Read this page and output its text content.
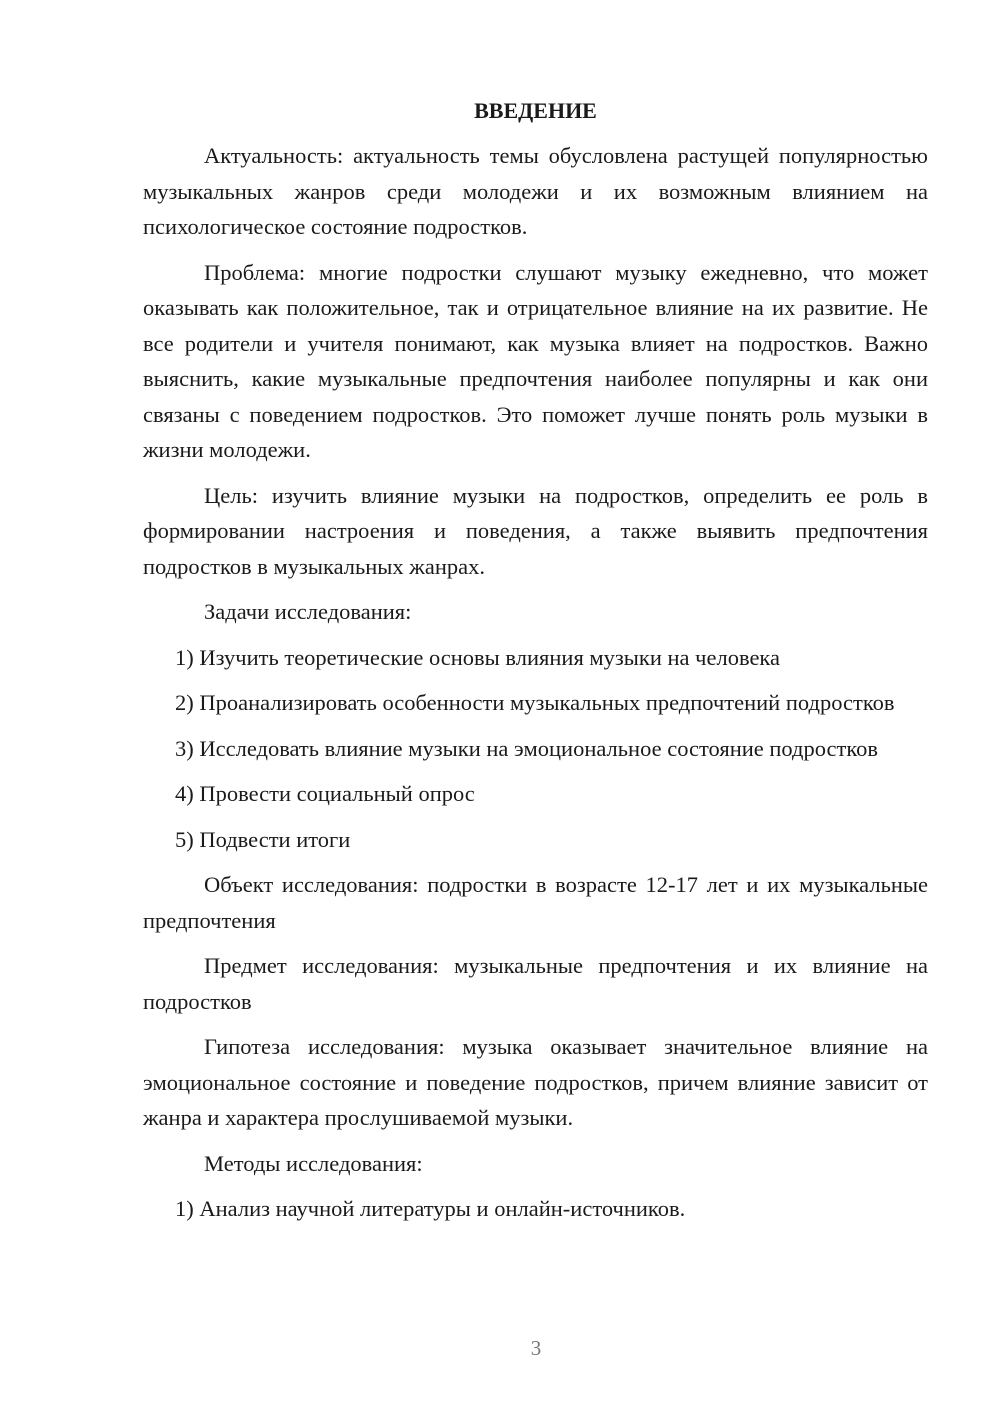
ВВЕДЕНИЕ

Актуальность: актуальность темы обусловлена растущей популярностью музыкальных жанров среди молодежи и их возможным влиянием на психологическое состояние подростков.

Проблема: многие подростки слушают музыку ежедневно, что может оказывать как положительное, так и отрицательное влияние на их развитие. Не все родители и учителя понимают, как музыка влияет на подростков. Важно выяснить, какие музыкальные предпочтения наиболее популярны и как они связаны с поведением подростков. Это поможет лучше понять роль музыки в жизни молодежи.

Цель: изучить влияние музыки на подростков, определить ее роль в формировании настроения и поведения, а также выявить предпочтения подростков в музыкальных жанрах.

Задачи исследования:

1) Изучить теоретические основы влияния музыки на человека

2) Проанализировать особенности музыкальных предпочтений подростков

3) Исследовать влияние музыки на эмоциональное состояние подростков

4) Провести социальный опрос

5) Подвести итоги

Объект исследования: подростки в возрасте 12-17 лет и их музыкальные предпочтения

Предмет исследования: музыкальные предпочтения и их влияние на подростков

Гипотеза исследования: музыка оказывает значительное влияние на эмоциональное состояние и поведение подростков, причем влияние зависит от жанра и характера прослушиваемой музыки.

Методы исследования:

1) Анализ научной литературы и онлайн-источников.

3
